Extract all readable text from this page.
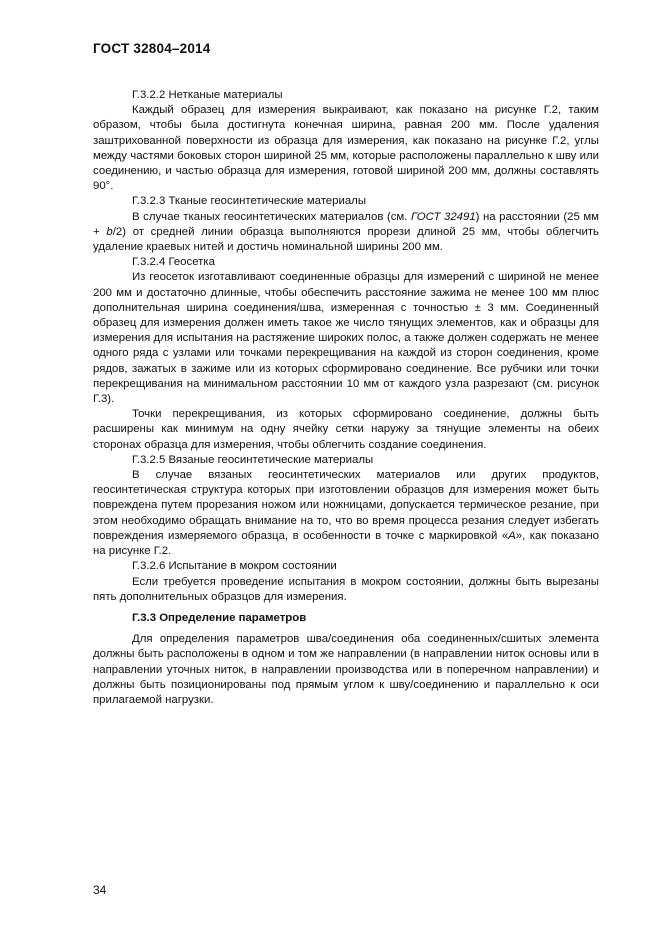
ГОСТ 32804–2014

Г.3.2.2 Нетканые материалы

Каждый образец для измерения выкраивают, как показано на рисунке Г.2, таким образом, чтобы была достигнута конечная ширина, равная 200 мм. После удаления заштрихованной поверхности из образца для измерения, как показано на рисунке Г.2, углы между частями боковых сторон шириной 25 мм, которые расположены параллельно к шву или соединению, и частью образца для измерения, готовой шириной 200 мм, должны составлять 90°.

Г.3.2.3 Тканые геосинтетические материалы

В случае тканых геосинтетических материалов (см. ГОСТ 32491) на расстоянии (25 мм + b/2) от средней линии образца выполняются прорези длиной 25 мм, чтобы облегчить удаление краевых нитей и достичь номинальной ширины 200 мм.

Г.3.2.4 Геосетка

Из геосеток изготавливают соединенные образцы для измерений с шириной не менее 200 мм и достаточно длинные, чтобы обеспечить расстояние зажима не менее 100 мм плюс дополнительная ширина соединения/шва, измеренная с точностью ± 3 мм. Соединенный образец для измерения должен иметь такое же число тянущих элементов, как и образцы для измерения для испытания на растяжение широких полос, а также должен содержать не менее одного ряда с узлами или точками перекрещивания на каждой из сторон соединения, кроме рядов, зажатых в зажиме или из которых сформировано соединение. Все рубчики или точки перекрещивания на минимальном расстоянии 10 мм от каждого узла разрезают (см. рисунок Г.3).

Точки перекрещивания, из которых сформировано соединение, должны быть расширены как минимум на одну ячейку сетки наружу за тянущие элементы на обеих сторонах образца для измерения, чтобы облегчить создание соединения.

Г.3.2.5 Вязаные геосинтетические материалы

В случае вязаных геосинтетических материалов или других продуктов, геосинтетическая структура которых при изготовлении образцов для измерения может быть повреждена путем прорезания ножом или ножницами, допускается термическое резание, при этом необходимо обращать внимание на то, что во время процесса резания следует избегать повреждения измеряемого образца, в особенности в точке с маркировкой «A», как показано на рисунке Г.2.

Г.3.2.6 Испытание в мокром состоянии

Если требуется проведение испытания в мокром состоянии, должны быть вырезаны пять дополнительных образцов для измерения.

Г.3.3 Определение параметров

Для определения параметров шва/соединения оба соединенных/сшитых элемента должны быть расположены в одном и том же направлении (в направлении ниток основы или в направлении уточных ниток, в направлении производства или в поперечном направлении) и должны быть позиционированы под прямым углом к шву/соединению и параллельно к оси прилагаемой нагрузки.

34
